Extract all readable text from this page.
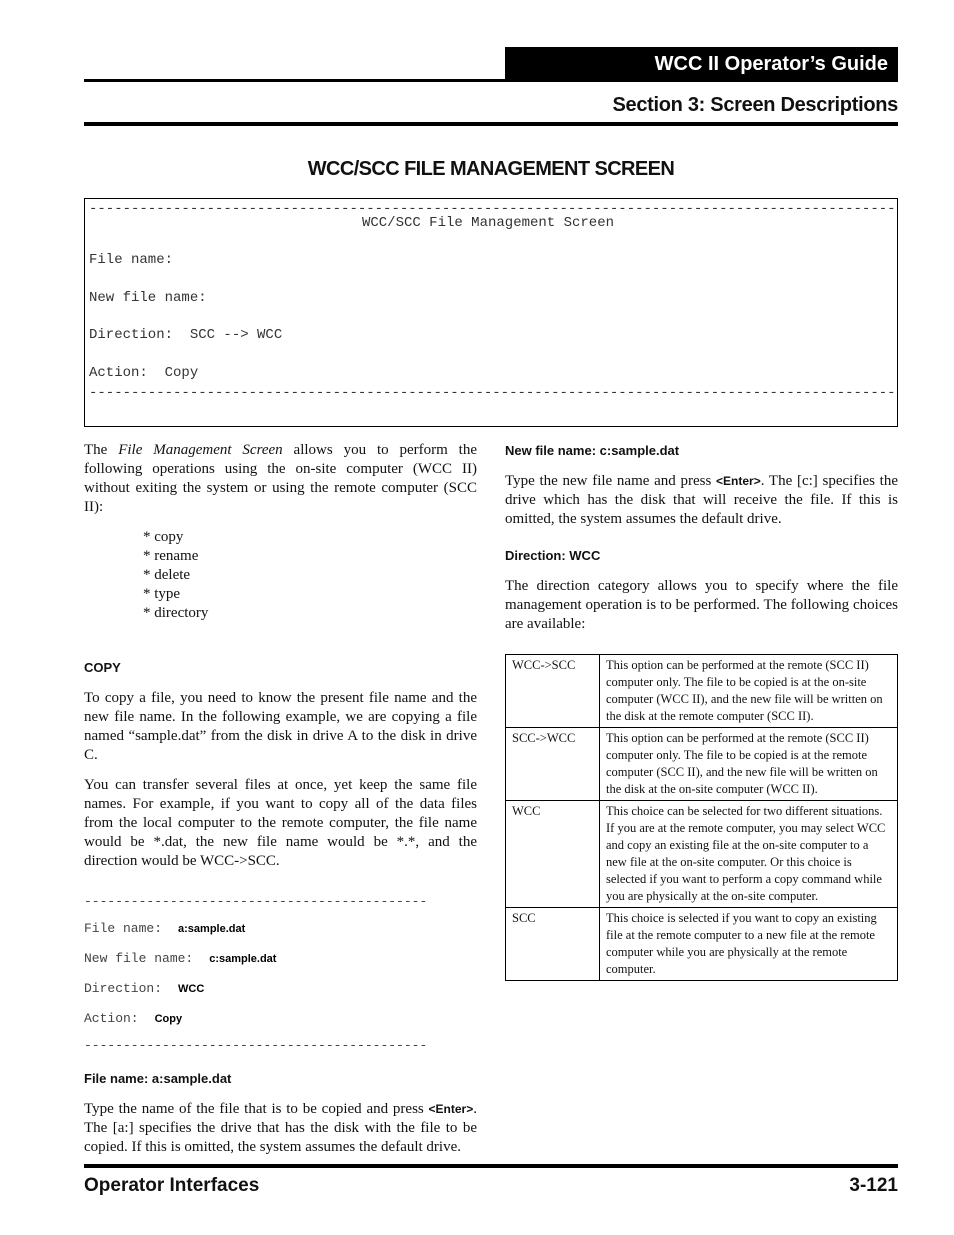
WCC II Operator’s Guide
Section 3: Screen Descriptions
WCC/SCC FILE MANAGEMENT SCREEN
-----
WCC/SCC File Management Screen
File name:
New file name:
Direction:  SCC --> WCC
Action:  Copy
-----

The File Management Screen allows you to perform the following operations using the on-site computer (WCC II) without exiting the system or using the remote computer (SCC II):

* copy
* rename
* delete
* type
* directory
COPY

To copy a file, you need to know the present file name and the new file name. In the following example, we are copying a file named “sample.dat” from the disk in drive A to the disk in drive C.

You can transfer several files at once, yet keep the same file names. For example, if you want to copy all of the data files from the local computer to the remote computer, the file name would be *.dat, the new file name would be *.*, and the direction would be WCC->SCC.

--------------------------------------------
File name: a:sample.dat
New file name: c:sample.dat
Direction: WCC
Action: Copy
--------------------------------------------
File name: a:sample.dat

Type the name of the file that is to be copied and press <Enter>. The [a:] specifies the drive that has the disk with the file to be copied. If this is omitted, the system assumes the default drive.

New file name: c:sample.dat

Type the new file name and press <Enter>. The [c:] specifies the drive which has the disk that will receive the file. If this is omitted, the system assumes the default drive.

Direction: WCC

The direction category allows you to specify where the file management operation is to be performed. The following choices are available:

WCC->SCC	This option can be performed at the remote (SCC II) computer only. The file to be copied is at the on-site computer (WCC II), and the new file will be written on the disk at the remote computer (SCC II).
SCC->WCC	This option can be performed at the remote (SCC II) computer only. The file to be copied is at the remote computer (SCC II), and the new file will be written on the disk at the on-site computer (WCC II).
WCC	This choice can be selected for two different situations. If you are at the remote computer, you may select WCC and copy an existing file at the on-site computer to a new file at the on-site computer. Or this choice is selected if you want to perform a copy command while you are physically at the on-site computer.
SCC	This choice is selected if you want to copy an existing file at the remote computer to a new file at the remote computer while you are physically at the remote computer.
Operator Interfaces	3-121
